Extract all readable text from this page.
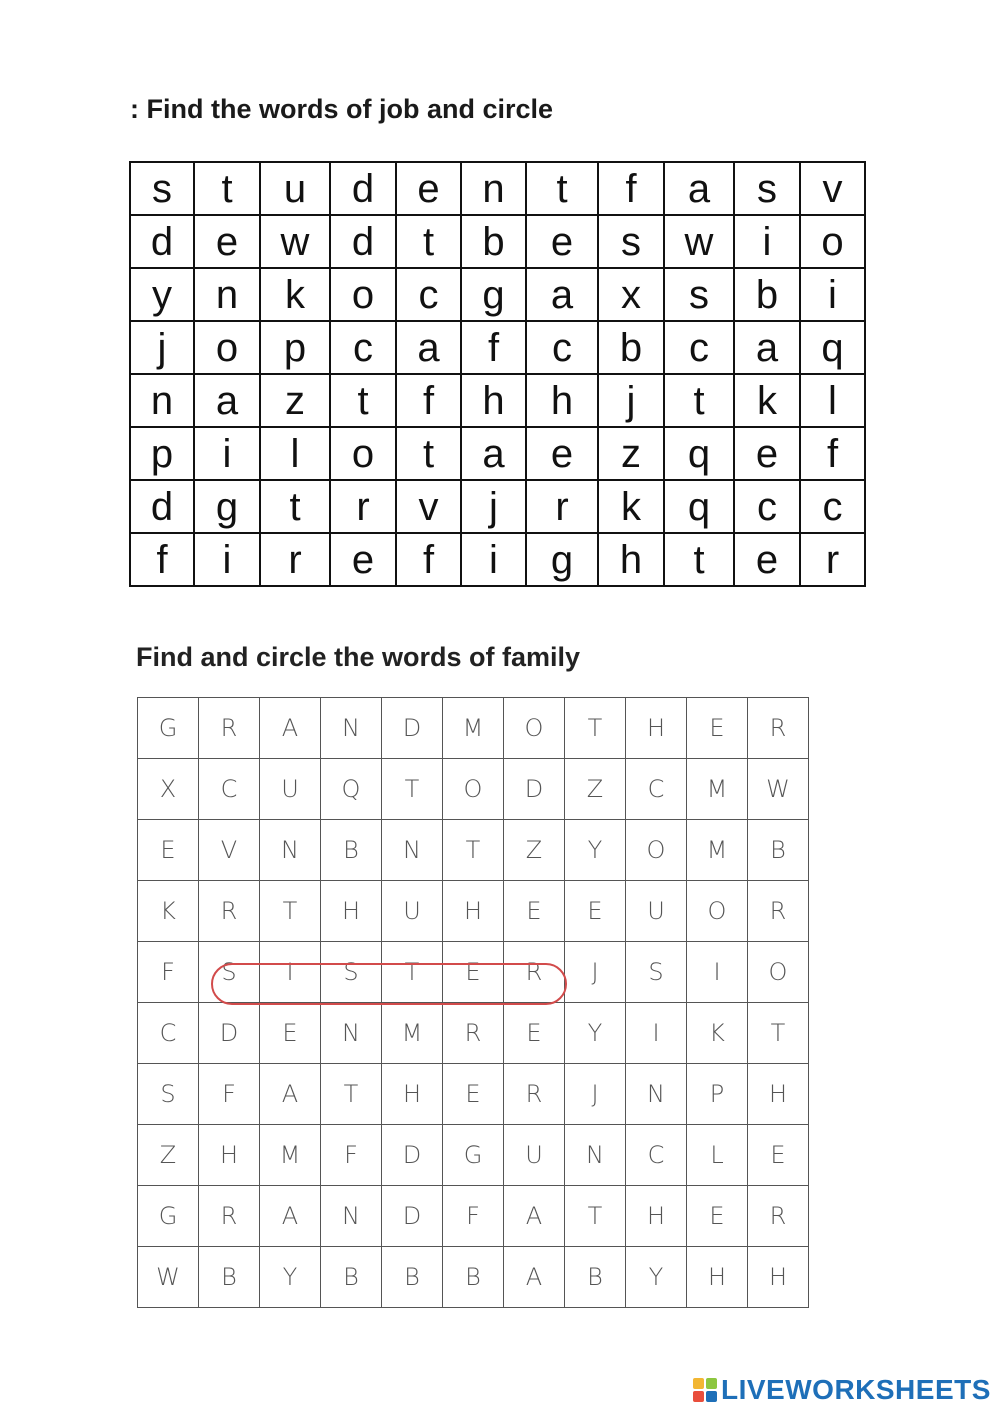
: Find the words of job and circle
s	t	u	d	e	n	t	f	a	s	v
d	e	w	d	t	b	e	s	w	i	o
y	n	k	o	c	g	a	x	s	b	i
j	o	p	c	a	f	c	b	c	a	q
n	a	z	t	f	h	h	j	t	k	l
p	i	l	o	t	a	e	z	q	e	f
d	g	t	r	v	j	r	k	q	c	c
f	i	r	e	f	i	g	h	t	e	r
Find and circle the words of family
G	R	A	N	D	M	O	T	H	E	R
X	C	U	Q	T	O	D	Z	C	M	W
E	V	N	B	N	T	Z	Y	O	M	B
K	R	T	H	U	H	E	E	U	O	R
F	S	I	S	T	E	R	J	S	I	O
C	D	E	N	M	R	E	Y	I	K	T
S	F	A	T	H	E	R	J	N	P	H
Z	H	M	F	D	G	U	N	C	L	E
G	R	A	N	D	F	A	T	H	E	R
W	B	Y	B	B	B	A	B	Y	H	H
LIVEWORKSHEETS
